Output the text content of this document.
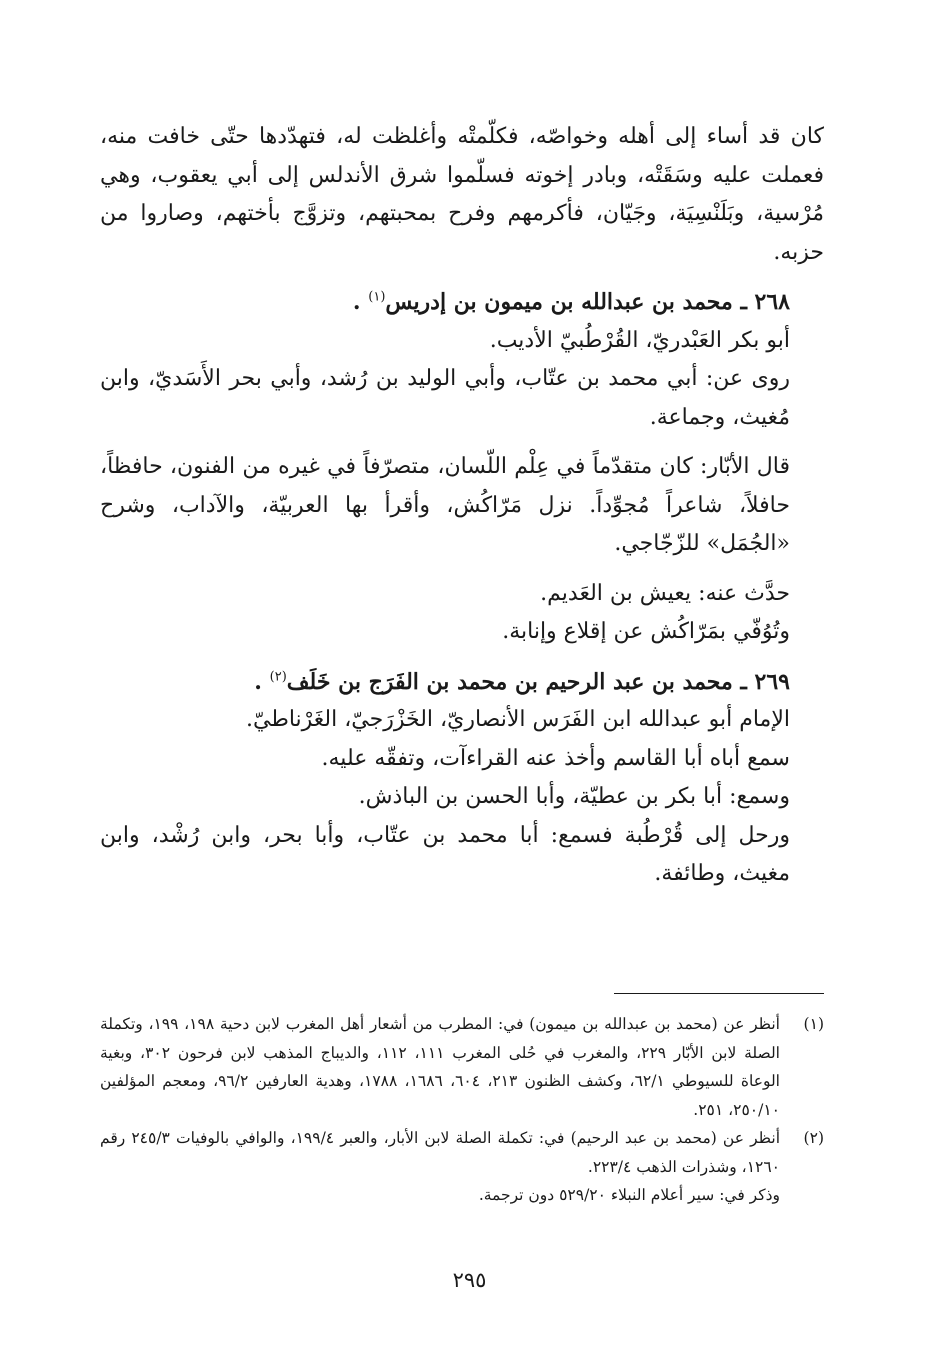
كان قد أساء إلى أهله وخواصّه، فكلّمتْه وأغلظت له، فتهدّدها حتّى خافت منه، فعملت عليه وسَقَتْه، وبادر إخوته فسلّموا شرق الأندلس إلى أبي يعقوب، وهي مُرْسية، وبَلَنْسِيَة، وجَيّان، فأكرمهم وفرح بمحبتهم، وتزوَّج بأختهم، وصاروا من حزبه.

٢٦٨ ـ محمد بن عبدالله بن ميمون بن إدريس$^{(١)}$ .

أبو بكر العَبْدريّ، القُرْطُبيّ الأديب.

روى عن: أبي محمد بن عتّاب، وأبي الوليد بن رُشد، وأبي بحر الأَسَديّ، وابن مُغيث، وجماعة.

قال الأبّار: كان متقدّماً في عِلْم اللّسان، متصرّفاً في غيره من الفنون، حافظاً، حافلاً، شاعراً مُجوِّداً. نزل مَرّاكُش، وأقرأ بها العربيّة، والآداب، وشرح «الجُمَل» للزّجّاجي.

حدَّث عنه: يعيش بن العَديم.

وتُوُفّي بمَرّاكُش عن إقلاع وإنابة.

٢٦٩ ـ محمد بن عبد الرحيم بن محمد بن الفَرَج بن خَلَف$^{(٢)}$ .

الإمام أبو عبدالله ابن الفَرَس الأنصاريّ، الخَزْرَجيّ، الغَرْناطيّ.

سمع أباه أبا القاسم وأخذ عنه القراءآت، وتفقّه عليه.

وسمع: أبا بكر بن عطيّة، وأبا الحسن بن الباذش.

ورحل إلى قُرْطُبة فسمع: أبا محمد بن عتّاب، وأبا بحر، وابن رُشْد، وابن مغيث، وطائفة.

(١)

أنظر عن (محمد بن عبدالله بن ميمون) في: المطرب من أشعار أهل المغرب لابن دحية ١٩٨، ١٩٩، وتكملة الصلة لابن الأبّار ٢٢٩، والمغرب في حُلى المغرب ١١١، ١١٢، والديباج المذهب لابن فرحون ٣٠٢، وبغية الوعاة للسيوطي ٦٢/١، وكشف الظنون ٢١٣، ٦٠٤، ١٦٨٦، ١٧٨٨، وهدية العارفين ٩٦/٢، ومعجم المؤلفين ٢٥٠/١٠، ٢٥١.

(٢)

أنظر عن (محمد بن عبد الرحيم) في: تكملة الصلة لابن الأبار، والعبر ١٩٩/٤، والوافي بالوفيات ٢٤٥/٣ رقم ١٢٦٠، وشذرات الذهب ٢٢٣/٤.

وذكر في: سير أعلام النبلاء ٥٢٩/٢٠ دون ترجمة.

٢٩٥
